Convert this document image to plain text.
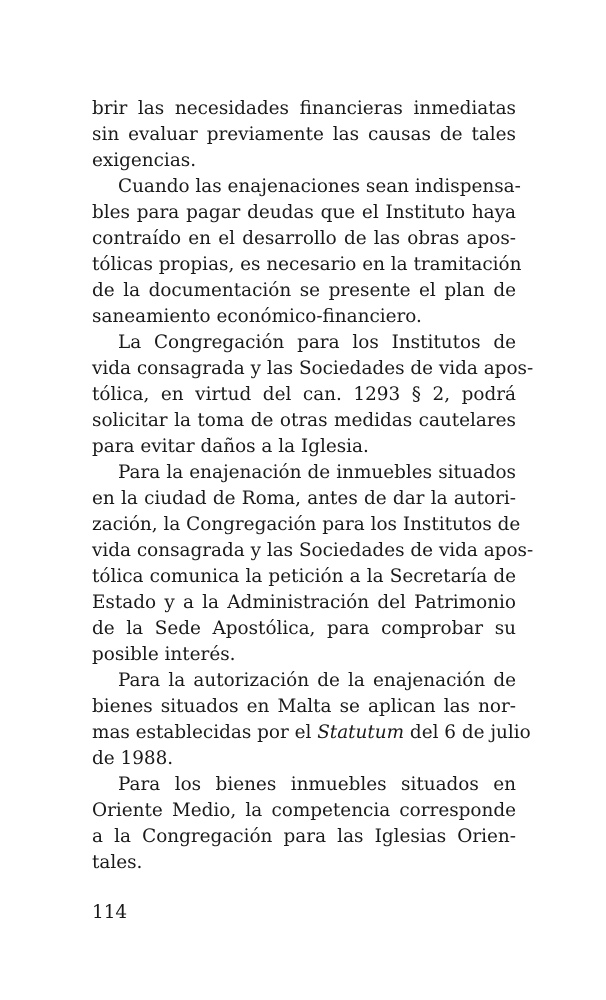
brir las necesidades financieras inmediatas
sin evaluar previamente las causas de tales
exigencias.
Cuando las enajenaciones sean indispensa-
bles para pagar deudas que el Instituto haya
contraído en el desarrollo de las obras apos-
tólicas propias, es necesario en la tramitación
de la documentación se presente el plan de
saneamiento económico-financiero.
La Congregación para los Institutos de
vida consagrada y las Sociedades de vida apos-
tólica, en virtud del can. 1293 § 2, podrá
solicitar la toma de otras medidas cautelares
para evitar daños a la Iglesia.
Para la enajenación de inmuebles situados
en la ciudad de Roma, antes de dar la autori-
zación, la Congregación para los Institutos de
vida consagrada y las Sociedades de vida apos-
tólica comunica la petición a la Secretaría de
Estado y a la Administración del Patrimonio
de la Sede Apostólica, para comprobar su
posible interés.
Para la autorización de la enajenación de
bienes situados en Malta se aplican las nor-
mas establecidas por el Statutum del 6 de julio
de 1988.
Para los bienes inmuebles situados en
Oriente Medio, la competencia corresponde
a la Congregación para las Iglesias Orien-
tales.
114
